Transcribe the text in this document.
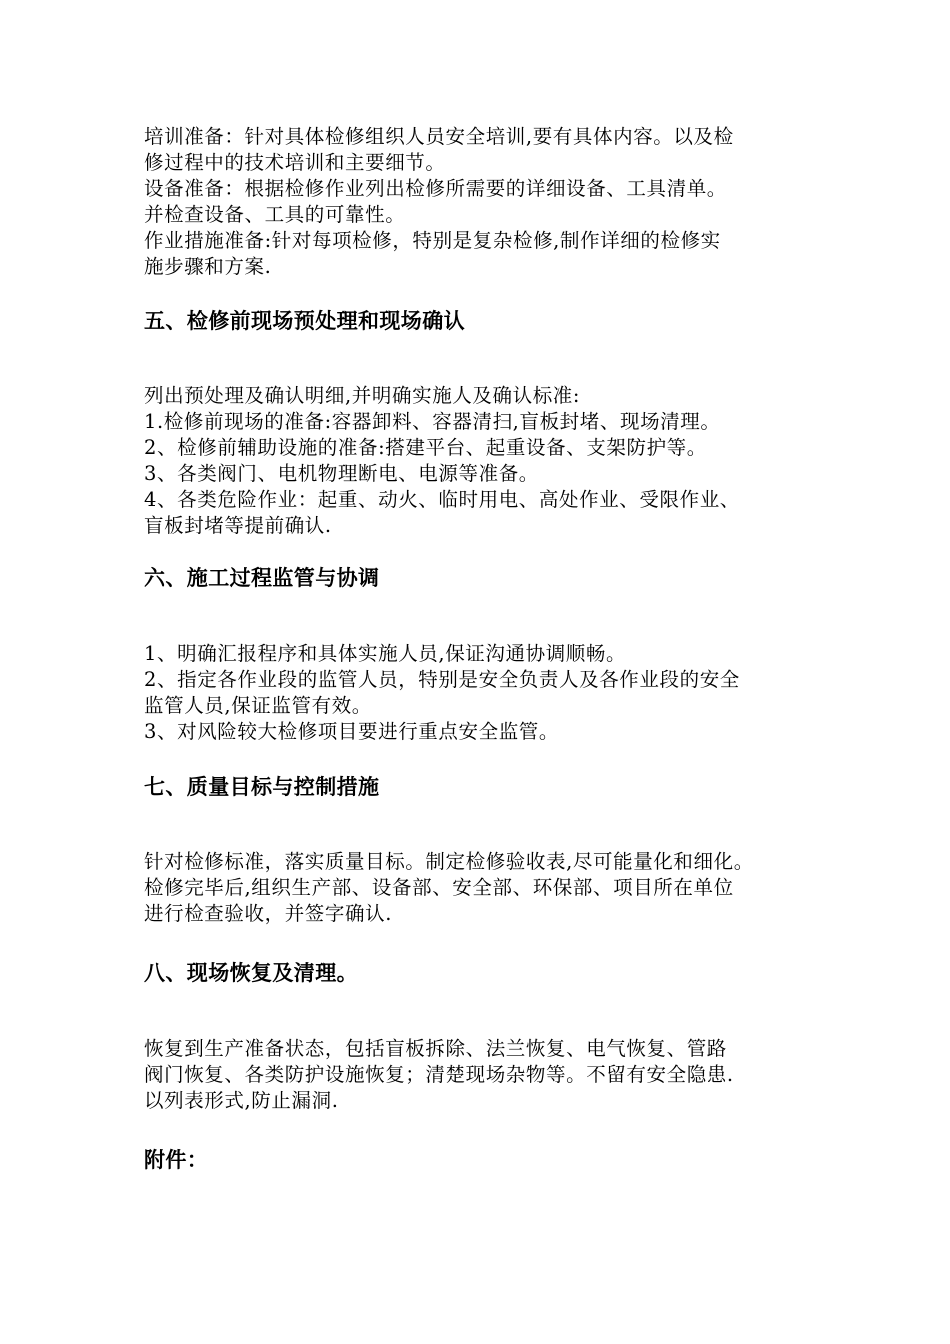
培训准备：针对具体检修组织人员安全培训,要有具体内容。以及检

修过程中的技术培训和主要细节。

设备准备：根据检修作业列出检修所需要的详细设备、工具清单。

并检查设备、工具的可靠性。

作业措施准备:针对每项检修，特别是复杂检修,制作详细的检修实

施步骤和方案.

五、检修前现场预处理和现场确认

列出预处理及确认明细,并明确实施人及确认标准:

1.检修前现场的准备:容器卸料、容器清扫,盲板封堵、现场清理。

2、检修前辅助设施的准备:搭建平台、起重设备、支架防护等。

3、各类阀门、电机物理断电、电源等准备。

4、各类危险作业：起重、动火、临时用电、高处作业、受限作业、

盲板封堵等提前确认.

六、施工过程监管与协调

1、明确汇报程序和具体实施人员,保证沟通协调顺畅。

2、指定各作业段的监管人员，特别是安全负责人及各作业段的安全

监管人员,保证监管有效。

3、对风险较大检修项目要进行重点安全监管。

七、质量目标与控制措施

针对检修标准，落实质量目标。制定检修验收表,尽可能量化和细化。

检修完毕后,组织生产部、设备部、安全部、环保部、项目所在单位

进行检查验收，并签字确认.

八、现场恢复及清理。

恢复到生产准备状态，包括盲板拆除、法兰恢复、电气恢复、管路

阀门恢复、各类防护设施恢复；清楚现场杂物等。不留有安全隐患.

以列表形式,防止漏洞.

附件：
